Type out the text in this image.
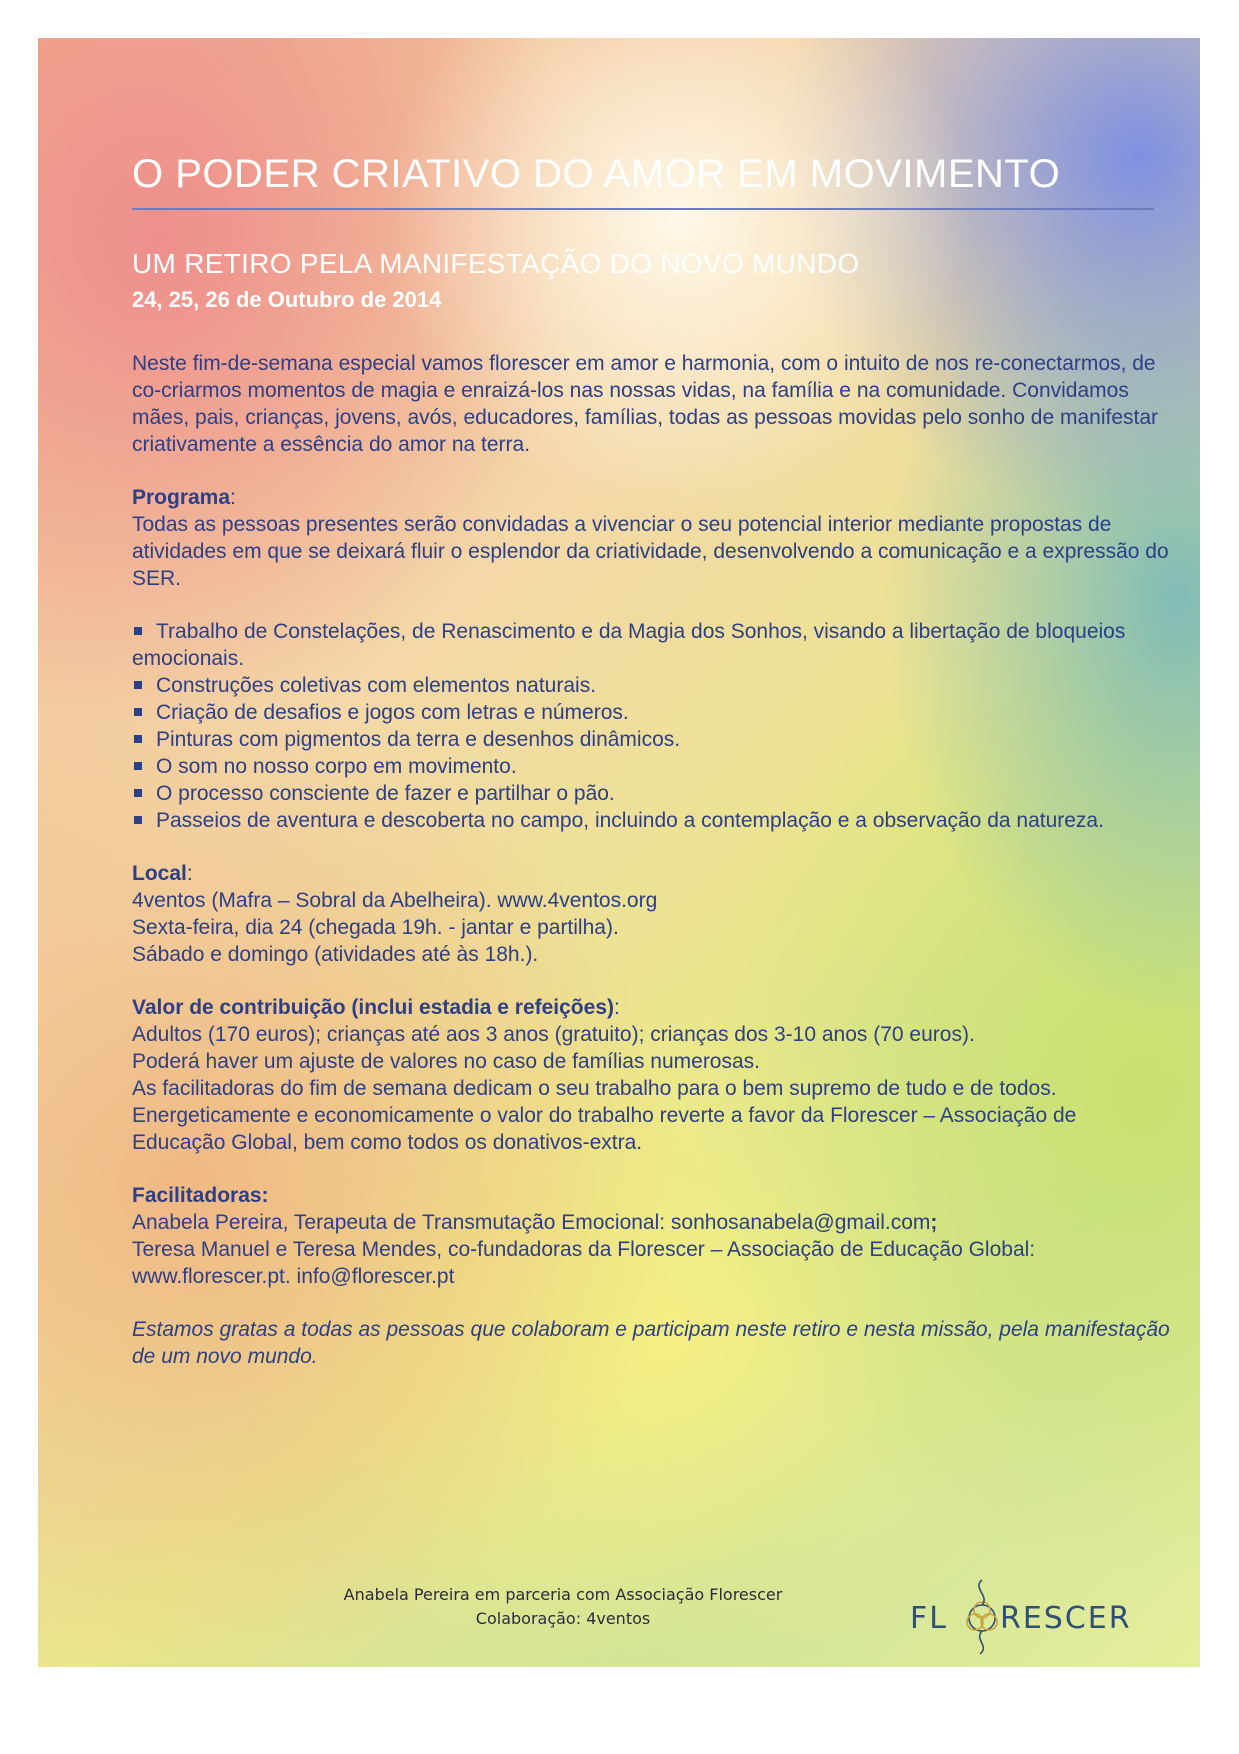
O PODER CRIATIVO DO AMOR EM MOVIMENTO
UM RETIRO PELA MANIFESTAÇÃO DO NOVO MUNDO
24, 25, 26 de Outubro de 2014

Neste fim-de-semana especial vamos florescer em amor e harmonia, com o intuito de nos re-conectarmos, de co-criarmos momentos de magia e enraizá-los nas nossas vidas, na família e na comunidade. Convidamos mães, pais, crianças, jovens, avós, educadores, famílias, todas as pessoas movidas pelo sonho de manifestar criativamente a essência do amor na terra.

Programa:

Todas as pessoas presentes serão convidadas a vivenciar o seu potencial interior mediante propostas de atividades em que se deixará fluir o esplendor da criatividade, desenvolvendo a comunicação e a expressão do SER.

Trabalho de Constelações, de Renascimento e da Magia dos Sonhos, visando a libertação de bloqueios emocionais.
Construções coletivas com elementos naturais.
Criação de desafios e jogos com letras e números.
Pinturas com pigmentos da terra e desenhos dinâmicos.
O som no nosso corpo em movimento.
O processo consciente de fazer e partilhar o pão.
Passeios de aventura e descoberta no campo, incluindo a contemplação e a observação da natureza.

Local:

4ventos (Mafra – Sobral da Abelheira). www.4ventos.org

Sexta-feira, dia 24 (chegada 19h. - jantar e partilha).

Sábado e domingo (atividades até às 18h.).

Valor de contribuição (inclui estadia e refeições):

Adultos (170 euros); crianças até aos 3 anos (gratuito); crianças dos 3-10 anos (70 euros).

Poderá haver um ajuste de valores no caso de famílias numerosas.

As facilitadoras do fim de semana dedicam o seu trabalho para o bem supremo de tudo e de todos. Energeticamente e economicamente o valor do trabalho reverte a favor da Florescer – Associação de Educação Global, bem como todos os donativos-extra.

Facilitadoras:

Anabela Pereira, Terapeuta de Transmutação Emocional: sonhosanabela@gmail.com;

Teresa Manuel e Teresa Mendes, co-fundadoras da Florescer – Associação de Educação Global: www.florescer.pt. info@florescer.pt

Estamos gratas a todas as pessoas que colaboram e participam neste retiro e nesta missão, pela manifestação de um novo mundo.

Anabela Pereira em parceria com Associação Florescer

Colaboração: 4ventos	FL RESCER
